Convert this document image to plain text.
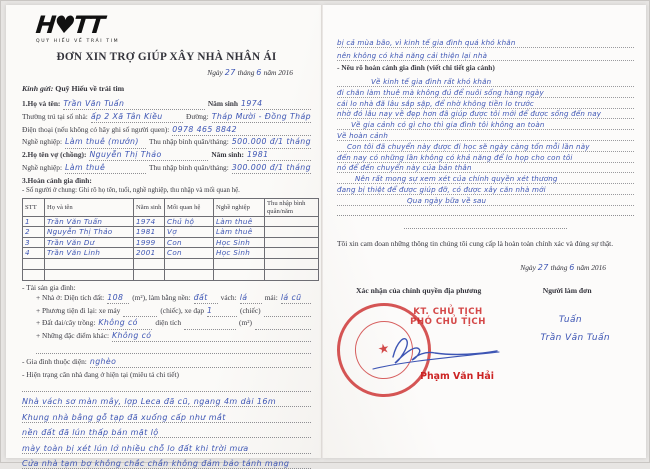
H♥TT
QUỸ HIẾU VỀ TRÁI TIM
ĐƠN XIN TRỢ GIÚP XÂY NHÀ NHÂN ÁI
Ngày 27 tháng 6 năm 2016
Kính gửi: Quỹ Hiếu về trái tim
1.Họ và tên: Trần Văn Tuấn	Năm sinh 1974
Thường trú tại số nhà: ấp 2 Xã Tân Kiều	Đường: Tháp Mười - Đồng Tháp
Điện thoại (nếu không có hãy ghi số người quen): 0978 465 8842
Nghề nghiệp: Làm thuê (mướn)	Thu nhập bình quân/tháng: 500.000 đ/1 tháng
2.Họ tên vợ (chồng): Nguyễn Thị Thảo	Năm sinh: 1981
Nghề nghiệp: Làm thuê	Thu nhập bình quân/tháng: 300.000 đ/1 tháng
3.Hoàn cảnh gia đình:
- Số người ở chung: Ghi rõ họ tên, tuổi, nghề nghiệp, thu nhập và mối quan hệ.
STT	Họ và tên	Năm sinh	Mối quan hệ	Nghề nghiệp	Thu nhập bình quân/năm
1	Trần Văn Tuấn	1974	Chủ hộ	Làm thuê	
2	Nguyễn Thị Thảo	1981	Vợ	Làm thuê	
3	Trần Văn Dư	1999	Con	Học Sinh	
4	Trần Văn Linh	2001	Con	Học Sinh	

- Tài sản gia đình:
+ Nhà ở: Diện tích đất: 108	(m²), làm bằng nền: đất	vách: lá	mái: lá cũ
+ Phương tiện đi lại: xe máy	(chiếc), xe đạp 1	(chiếc)
+ Đất đai/cây trồng: Không có	diện tích	(m²)
+ Những đặc điểm khác: Không có
- Gia đình thuộc diện: nghèo
- Hiện trạng căn nhà đang ở hiện tại (miêu tả chi tiết)
Nhà vách sơ màn mây, lợp Leca đã cũ, ngang 4m dài 16m
Khung nhà bằng gỗ tạp đã xuống cấp như mắt
nền đất đã lún thấp bán mặt lộ
mày toàn bị xét lún lở nhiều chỗ lo đất khi trời mưa
Cửa nhà tạm bợ không chắc chắn không đảm bảo tánh mạng
bị cả mùa bão, vì kinh tế gia đình quá khó khăn
nên không có khả năng cải thiện lại nhà
- Nêu rõ hoàn cảnh gia đình (viết chi tiết gia cảnh)
Về kinh tế gia đình rất khó khăn
đi chăn làm thuê mà không đủ để nuôi sống hàng ngày
cái lo nhà đã lâu sắp sập, để nhờ không tiền lo trước
nhờ đó lâu nay về đẹp hơn đã giúp được tôi mới để được sống đến nay
Về gia cảnh có gì cho thì gia đình tôi không an toàn
Về hoàn cảnh
Con tôi đã chuyển này được đi học sẽ ngày càng tốn mỗi lần này
đến nay có những lần không có khả năng để lo họp cho con tôi
nó để đến chuyển này của bản thân
Nên rất mong sự xem xét của chính quyền xét thương
đang bị thiệt để được giúp đỡ, có được xây căn nhà mới
Qua ngày bữa về sau
Tôi xin cam đoan những thông tin chúng tôi cung cấp là hoàn toàn chính xác và đúng sự thật.
Ngày 27 tháng 6 năm 2016
Xác nhận của chính quyền địa phương	Người làm đơn
★
KT. CHỦ TỊCH
PHÓ CHỦ TỊCH
Phạm Văn Hải
Tuấn
Trần Văn Tuấn
